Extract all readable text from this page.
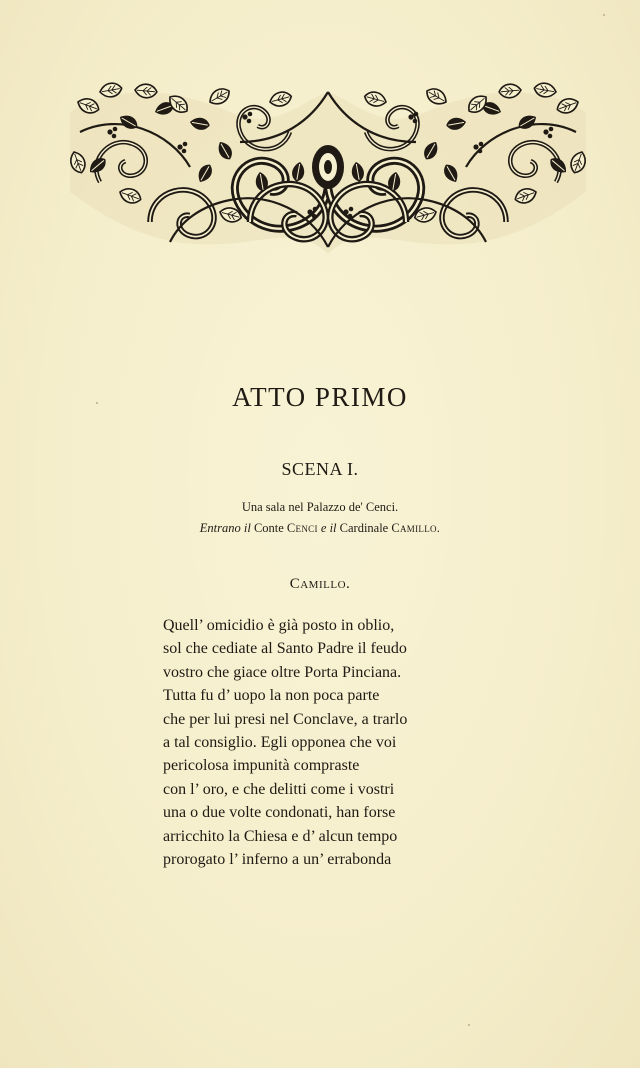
ATTO PRIMO
SCENA I.
Una sala nel Palazzo de' Cenci.
Entrano il Conte Cenci e il Cardinale Camillo.
Camillo.
Quell’ omicidio è già posto in oblio,
sol che cediate al Santo Padre il feudo
vostro che giace oltre Porta Pinciana.
Tutta fu d’ uopo la non poca parte
che per lui presi nel Conclave, a trarlo
a tal consiglio. Egli opponea che voi
pericolosa impunità compraste
con l’ oro, e che delitti come i vostri
una o due volte condonati, han forse
arricchito la Chiesa e d’ alcun tempo
prorogato l’ inferno a un’ errabonda
